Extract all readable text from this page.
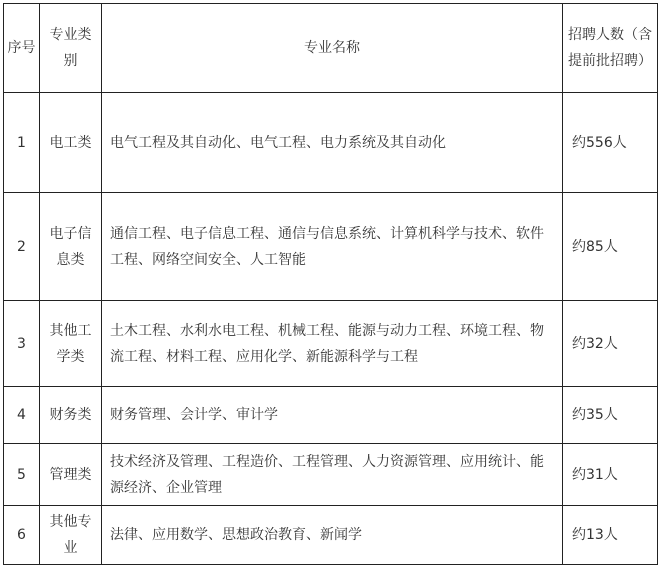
序号	专业类别	专业名称	招聘人数（含提前批招聘）
1	电工类	电气工程及其自动化、电气工程、电力系统及其自动化	约556人
2	电子信息类	通信工程、电子信息工程、通信与信息系统、计算机科学与技术、软件工程、网络空间安全、人工智能	约85人
3	其他工学类	土木工程、水利水电工程、机械工程、能源与动力工程、环境工程、物流工程、材料工程、应用化学、新能源科学与工程	约32人
4	财务类	财务管理、会计学、审计学	约35人
5	管理类	技术经济及管理、工程造价、工程管理、人力资源管理、应用统计、能源经济、企业管理	约31人
6	其他专业	法律、应用数学、思想政治教育、新闻学	约13人
